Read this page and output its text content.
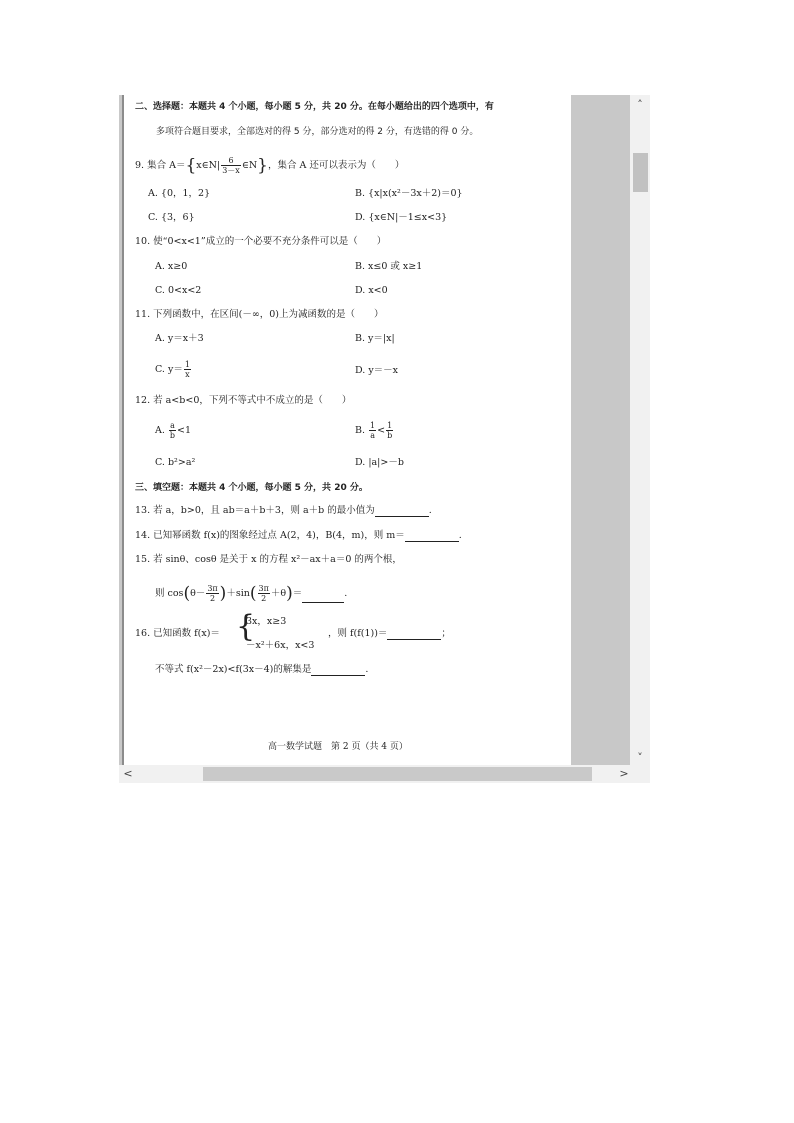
˄
˅
<	>
二、选择题：本题共 4 个小题，每小题 5 分，共 20 分。在每小题给出的四个选项中，有
多项符合题目要求，全部选对的得 5 分，部分选对的得 2 分，有选错的得 0 分。
9. 集合 A＝{x∈N| $\frac{6}{3-x}$ ∈N}，集合 A 还可以表示为（　　）
A. {0，1，2}	B. {x|x(x²－3x＋2)＝0}
C. {3，6}	D. {x∈N|－1≤x<3}
10. 使“0<x<1”成立的一个必要不充分条件可以是（　　）
A. x≥0	B. x≤0 或 x≥1
C. 0<x<2	D. x<0
11. 下列函数中，在区间(－∞，0)上为减函数的是（　　）
A. y＝x＋3	B. y＝|x|
C. $y= \frac{1}{x}$	D. y＝－x
12. 若 a<b<0，下列不等式中不成立的是（　　）
A. $\frac{a}{b} <1$	B. $\frac{1}{a} < \frac{1}{b}$
C. b²>a²	D. |a|>－b
三、填空题：本题共 4 个小题，每小题 5 分，共 20 分。
13. 若 a，b>0，且 ab＝a＋b＋3，则 a＋b 的最小值为	.
14. 已知幂函数 f(x)的图象经过点 A(2，4)，B(4，m)，则 m＝	.
15. 若 sinθ、cosθ 是关于 x 的方程 x²－ax＋a＝0 的两个根，
则 $\cos(\theta- \frac{3\pi}{2} )+\sin( \frac{3\pi}{2} +\theta)=$	.
16. 已知函数 f(x)＝ {
3x，x≥3
－x²＋6x，x<3
，则 f(f(1))＝	；
不等式 f(x²－2x)<f(3x－4)的解集是	.
高一数学试题　第 2 页（共 4 页）
